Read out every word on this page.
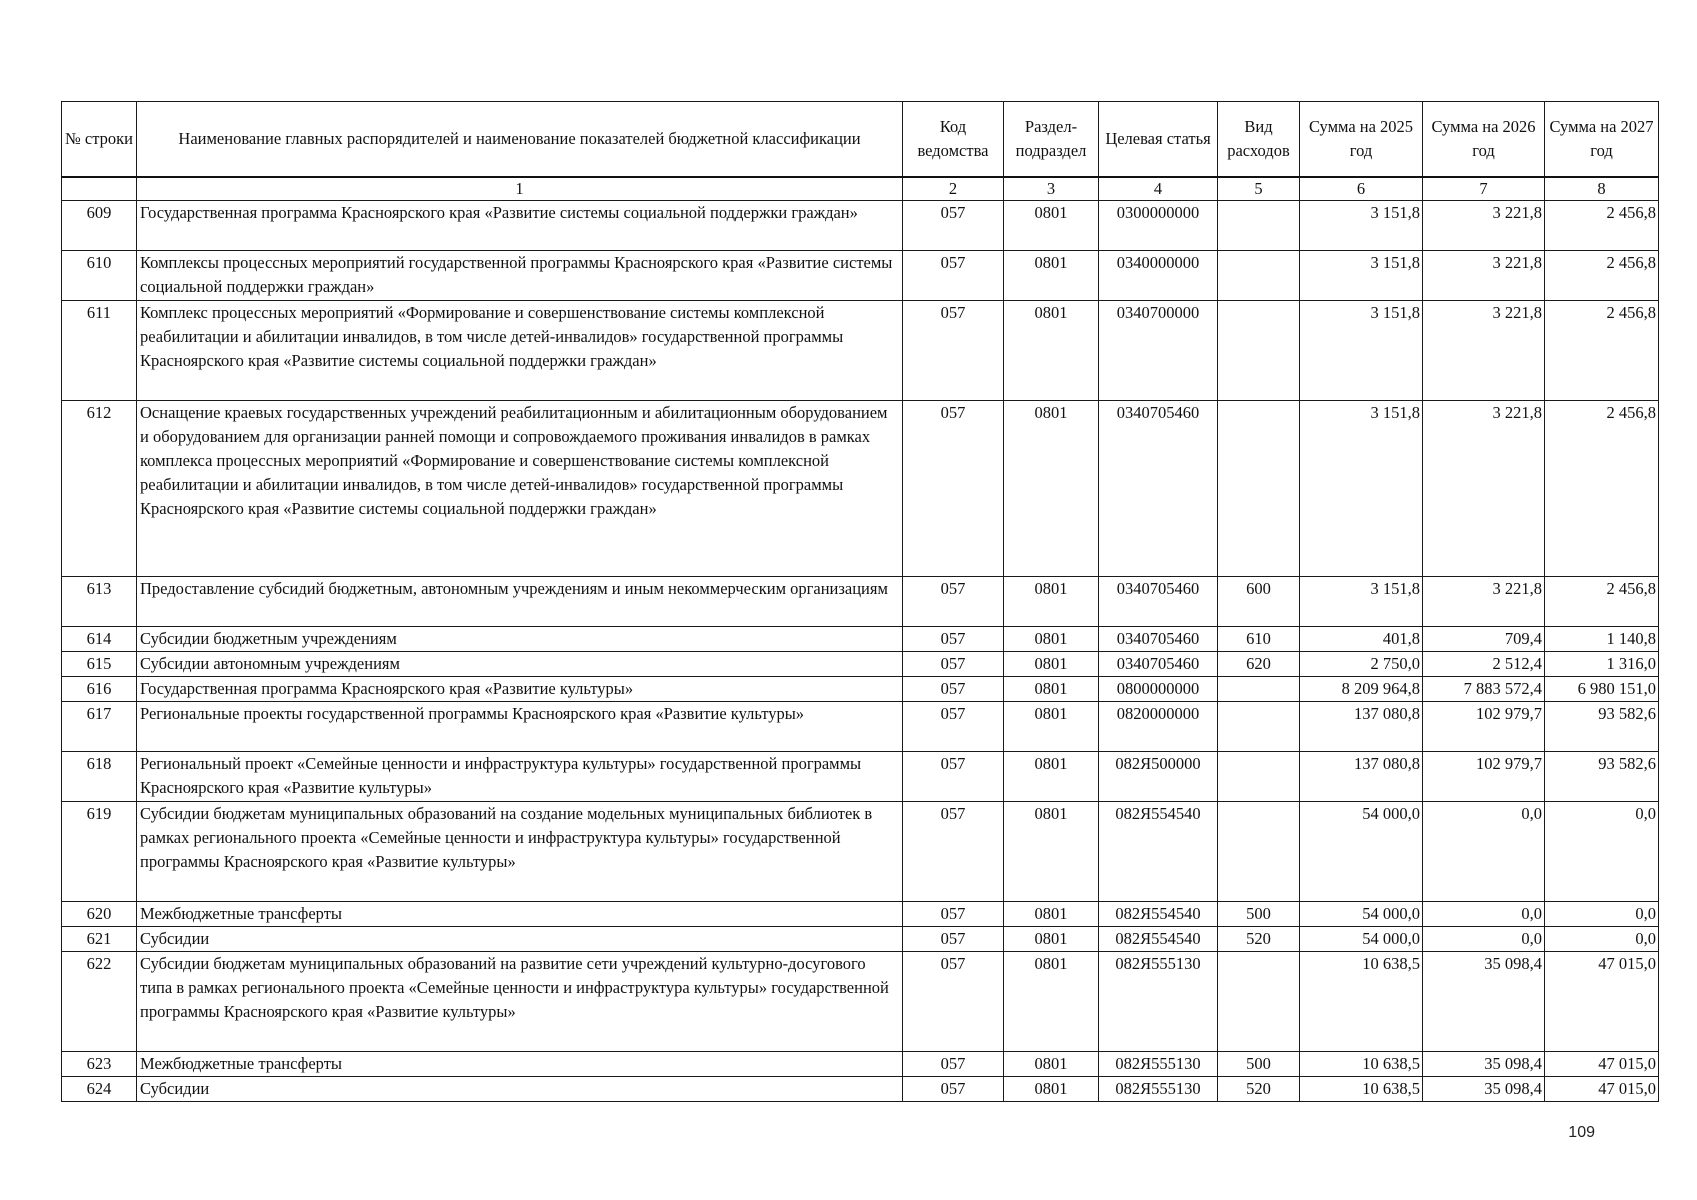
№ строки	Наименование главных распорядителей и наименование показателей бюджетной классификации	Код ведомства	Раздел-подраздел	Целевая статья	Вид расходов	Сумма на 2025 год	Сумма на 2026 год	Сумма на 2027 год
	1	2	3	4	5	6	7	8
609	Государственная программа Красноярского края «Развитие системы социальной поддержки граждан»	057	0801	0300000000		3 151,8	3 221,8	2 456,8
610	Комплексы процессных мероприятий государственной программы Красноярского края «Развитие системы социальной поддержки граждан»	057	0801	0340000000		3 151,8	3 221,8	2 456,8
611	Комплекс процессных мероприятий «Формирование и совершенствование системы комплексной реабилитации и абилитации инвалидов, в том числе детей-инвалидов» государственной программы Красноярского края «Развитие системы социальной поддержки граждан»	057	0801	0340700000		3 151,8	3 221,8	2 456,8
612	Оснащение краевых государственных учреждений реабилитационным и абилитационным оборудованием и оборудованием для организации ранней помощи и сопровождаемого проживания инвалидов в рамках комплекса процессных мероприятий «Формирование и совершенствование системы комплексной реабилитации и абилитации инвалидов, в том числе детей-инвалидов» государственной программы Красноярского края «Развитие системы социальной поддержки граждан»	057	0801	0340705460		3 151,8	3 221,8	2 456,8
613	Предоставление субсидий бюджетным, автономным учреждениям и иным некоммерческим организациям	057	0801	0340705460	600	3 151,8	3 221,8	2 456,8
614	Субсидии бюджетным учреждениям	057	0801	0340705460	610	401,8	709,4	1 140,8
615	Субсидии автономным учреждениям	057	0801	0340705460	620	2 750,0	2 512,4	1 316,0
616	Государственная программа Красноярского края «Развитие культуры»	057	0801	0800000000		8 209 964,8	7 883 572,4	6 980 151,0
617	Региональные проекты государственной программы Красноярского края «Развитие культуры»	057	0801	0820000000		137 080,8	102 979,7	93 582,6
618	Региональный проект «Семейные ценности и инфраструктура культуры» государственной программы Красноярского края «Развитие культуры»	057	0801	082Я500000		137 080,8	102 979,7	93 582,6
619	Субсидии бюджетам муниципальных образований на создание модельных муниципальных библиотек в рамках регионального проекта «Семейные ценности и инфраструктура культуры» государственной программы Красноярского края «Развитие культуры»	057	0801	082Я554540		54 000,0	0,0	0,0
620	Межбюджетные трансферты	057	0801	082Я554540	500	54 000,0	0,0	0,0
621	Субсидии	057	0801	082Я554540	520	54 000,0	0,0	0,0
622	Субсидии бюджетам муниципальных образований на развитие сети учреждений культурно-досугового типа в рамках регионального проекта «Семейные ценности и инфраструктура культуры» государственной программы Красноярского края «Развитие культуры»	057	0801	082Я555130		10 638,5	35 098,4	47 015,0
623	Межбюджетные трансферты	057	0801	082Я555130	500	10 638,5	35 098,4	47 015,0
624	Субсидии	057	0801	082Я555130	520	10 638,5	35 098,4	47 015,0
109
